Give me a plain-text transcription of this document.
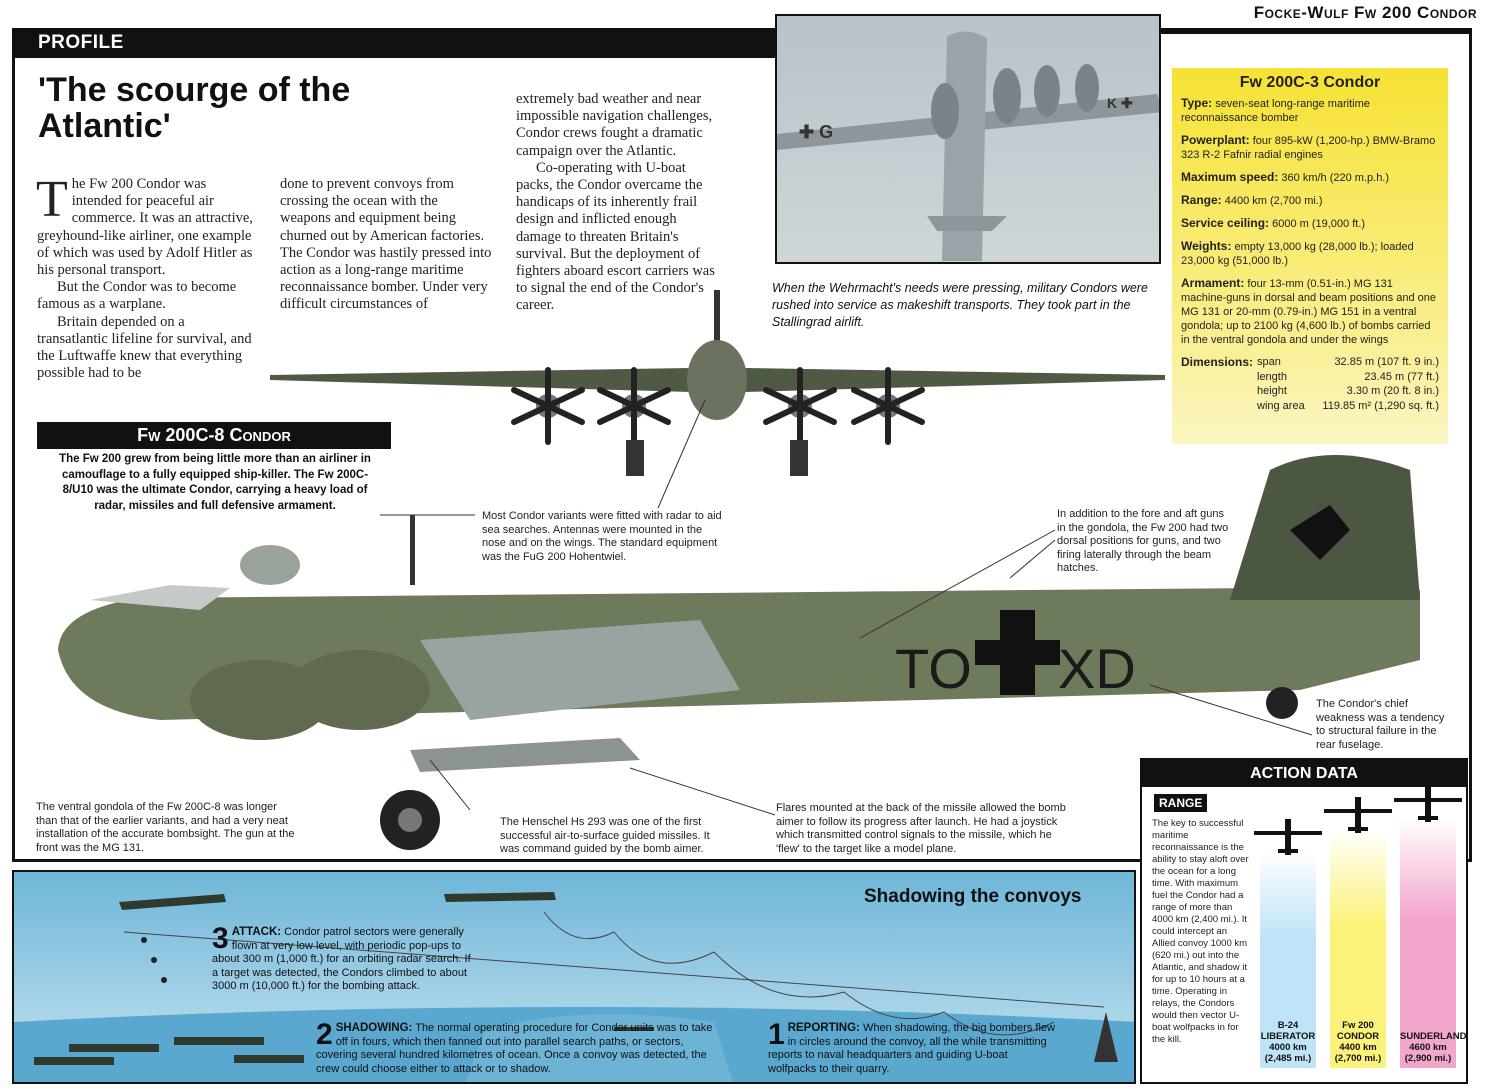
PROFILE
Focke-Wulf Fw 200 Condor
'The scourge of the Atlantic'

The Fw 200 Condor was intended for peaceful air commerce. It was an attractive, greyhound-like airliner, one example of which was used by Adolf Hitler as his personal transport.

But the Condor was to become famous as a warplane.

Britain depended on a transatlantic lifeline for survival, and the Luftwaffe knew that everything possible had to be

done to prevent convoys from crossing the ocean with the weapons and equipment being churned out by American factories. The Condor was hastily pressed into action as a long-range maritime reconnaissance bomber. Under very difficult circumstances of

extremely bad weather and near impossible navigation challenges, Condor crews fought a dramatic campaign over the Atlantic.

Co-operating with U-boat packs, the Condor overcame the handicaps of its inherently frail design and inflicted enough damage to threaten Britain's survival. But the deployment of fighters aboard escort carriers was to signal the end of the Condor's career.

✚ G
K ✚
When the Wehrmacht's needs were pressing, military Condors were rushed into service as makeshift transports. They took part in the Stallingrad airlift.
Fw 200C-3 Condor
Type: seven-seat long-range maritime reconnaissance bomber
Powerplant: four 895-kW (1,200-hp.) BMW-Bramo 323 R-2 Fafnir radial engines
Maximum speed: 360 km/h (220 m.p.h.)
Range: 4400 km (2,700 mi.)
Service ceiling: 6000 m (19,000 ft.)
Weights: empty 13,000 kg (28,000 lb.); loaded 23,000 kg (51,000 lb.)
Armament: four 13-mm (0.51-in.) MG 131 machine-guns in dorsal and beam positions and one MG 131 or 20-mm (0.79-in.) MG 151 in a ventral gondola; up to 2100 kg (4,600 lb.) of bombs carried in the ventral gondola and under the wings
Dimensions: span	32.85 m (107 ft. 9 in.)
length	23.45 m (77 ft.)
height	3.30 m (20 ft. 8 in.)
wing area	119.85 m² (1,290 sq. ft.)
TO XD
Fw 200C-8 Condor
The Fw 200 grew from being little more than an airliner in camouflage to a fully equipped ship-killer. The Fw 200C-8/U10 was the ultimate Condor, carrying a heavy load of radar, missiles and full defensive armament.
Most Condor variants were fitted with radar to aid sea searches. Antennas were mounted in the nose and on the wings. The standard equipment was the FuG 200 Hohentwiel.
In addition to the fore and aft guns in the gondola, the Fw 200 had two dorsal positions for guns, and two firing laterally through the beam hatches.
The Condor's chief weakness was a tendency to structural failure in the rear fuselage.
The ventral gondola of the Fw 200C-8 was longer than that of the earlier variants, and had a very neat installation of the accurate bombsight. The gun at the front was the MG 131.
The Henschel Hs 293 was one of the first successful air-to-surface guided missiles. It was command guided by the bomb aimer.
Flares mounted at the back of the missile allowed the bomb aimer to follow its progress after launch. He had a joystick which transmitted control signals to the missile, which he 'flew' to the target like a model plane.
Shadowing the convoys
3 ATTACK: Condor patrol sectors were generally flown at very low level, with periodic pop-ups to about 300 m (1,000 ft.) for an orbiting radar search. If a target was detected, the Condors climbed to about 3000 m (10,000 ft.) for the bombing attack.
2 SHADOWING: The normal operating procedure for Condor units was to take off in fours, which then fanned out into parallel search paths, or sectors, covering several hundred kilometres of ocean. Once a convoy was detected, the crew could choose either to attack or to shadow.
1 REPORTING: When shadowing, the big bombers flew in circles around the convoy, all the while transmitting reports to naval headquarters and guiding U-boat wolfpacks to their quarry.
ACTION DATA
RANGE
The key to successful maritime reconnaissance is the ability to stay aloft over the ocean for a long time. With maximum fuel the Condor had a range of more than 4000 km (2,400 mi.). It could intercept an Allied convoy 1000 km (620 mi.) out into the Atlantic, and shadow it for up to 10 hours at a time. Operating in relays, the Condors would then vector U-boat wolfpacks in for the kill.
B-24
LIBERATOR
4000 km
(2,485 mi.)
Fw 200
CONDOR
4400 km
(2,700 mi.)
SUNDERLAND
4600 km
(2,900 mi.)
